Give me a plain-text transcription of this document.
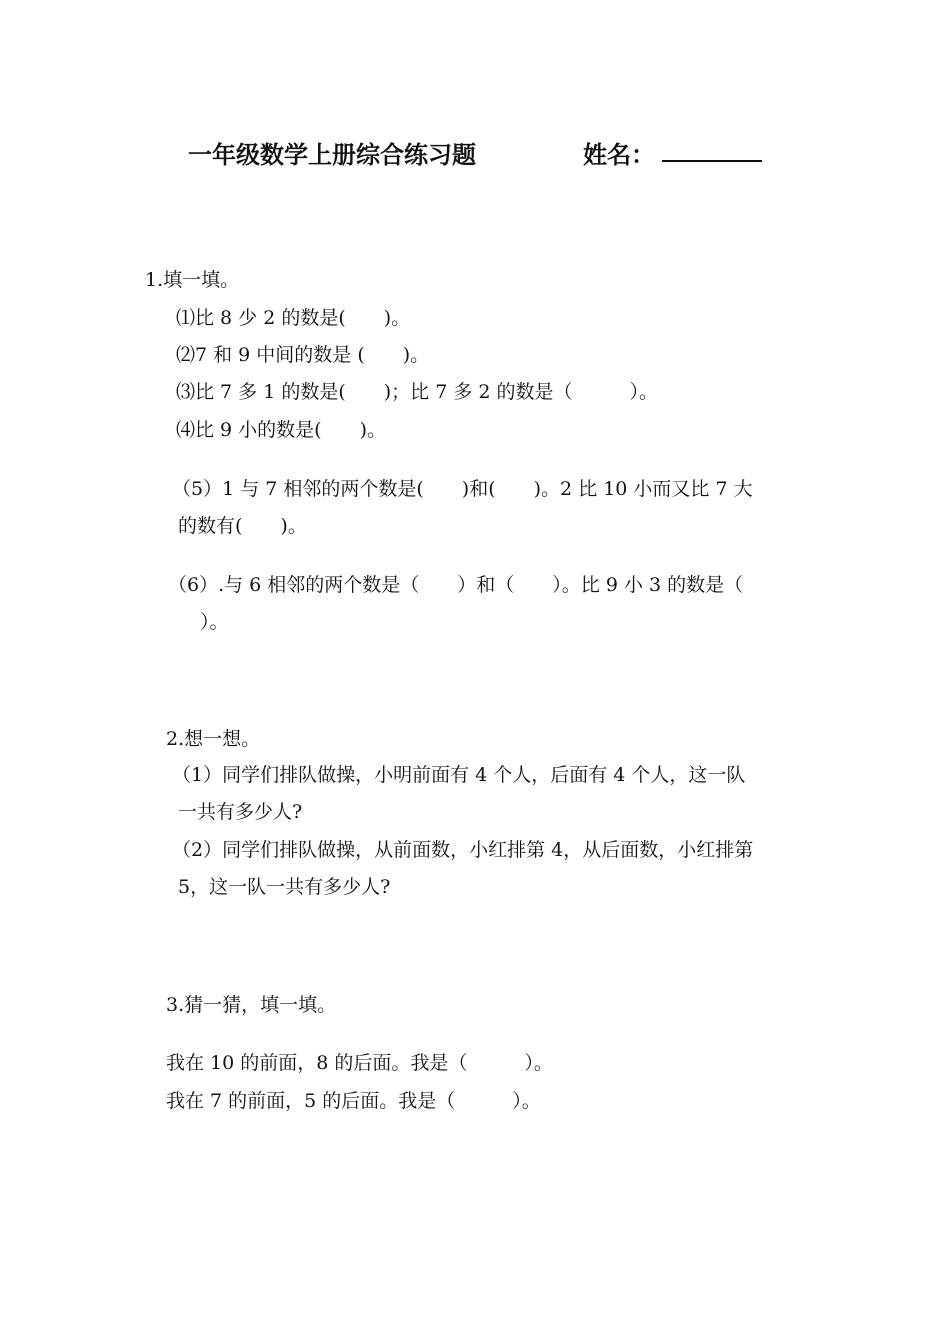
一年级数学上册综合练习题	姓名：
1.填一填。
⑴比 8 少 2 的数是(　　)。
⑵7 和 9 中间的数是 (　　)。
⑶比 7 多 1 的数是(　　)；比 7 多 2 的数是（　　　）。
⑷比 9 小的数是(　　)。
（5）1 与 7 相邻的两个数是(　　)和(　　)。2 比 10 小而又比 7 大
的数有(　　)。
（6）.与 6 相邻的两个数是（　　）和（　　）。比 9 小 3 的数是（
）。
2.想一想。
（1）同学们排队做操，小明前面有 4 个人，后面有 4 个人，这一队
一共有多少人?
（2）同学们排队做操，从前面数，小红排第 4，从后面数，小红排第
5，这一队一共有多少人?
3.猜一猜，填一填。
我在 10 的前面，8 的后面。我是（　　　）。
我在 7 的前面，5 的后面。我是（　　　）。
